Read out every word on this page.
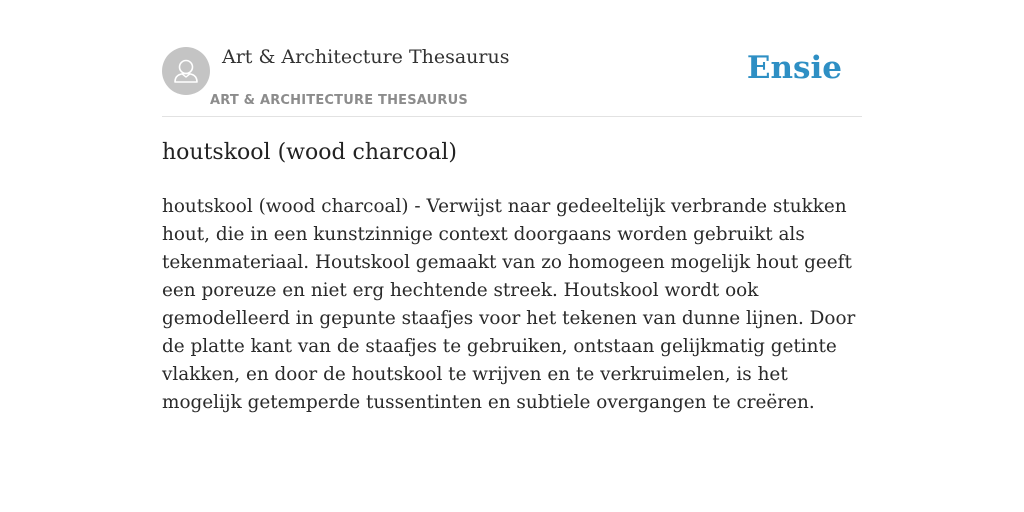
Art & Architecture Thesaurus
ART & ARCHITECTURE THESAURUS
Ensie
houtskool (wood charcoal)

houtskool (wood charcoal) - Verwijst naar gedeeltelijk verbrande stukken hout, die in een kunstzinnige context doorgaans worden gebruikt als tekenmateriaal. Houtskool gemaakt van zo homogeen mogelijk hout geeft een poreuze en niet erg hechtende streek. Houtskool wordt ook gemodelleerd in gepunte staafjes voor het tekenen van dunne lijnen. Door de platte kant van de staafjes te gebruiken, ontstaan gelijkmatig getinte vlakken, en door de houtskool te wrijven en te verkruimelen, is het mogelijk getemperde tussentinten en subtiele overgangen te creëren.
